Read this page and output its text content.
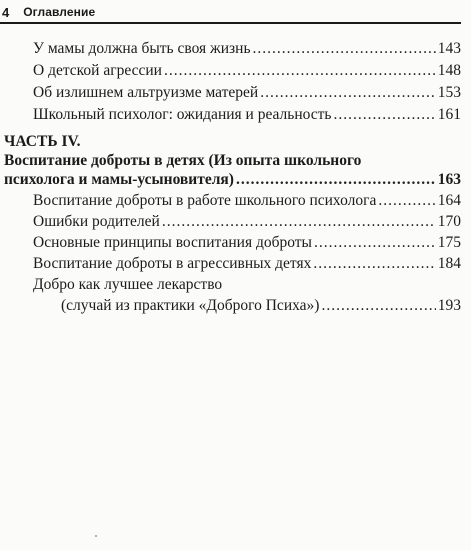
4 Оглавление
У мамы должна быть своя жизнь .....	143
О детской агрессии .....	148
Об излишнем альтруизме матерей .....	153
Школьный психолог: ожидания и реальность .....	161
ЧАСТЬ IV.
Воспитание доброты в детях (Из опыта школьного
психолога и мамы-усыновителя) .....	163
Воспитание доброты в работе школьного психолога .....	164
Ошибки родителей .....	170
Основные принципы воспитания доброты .....	175
Воспитание доброты в агрессивных детях .....	184
Добро как лучшее лекарство
(случай из практики «Доброго Психа») .....	193
